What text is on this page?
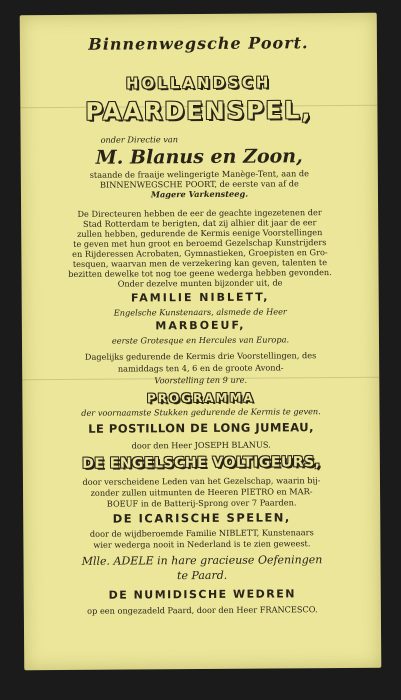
Binnenwegsche Poort.
HOLLANDSCH
PAARDENSPEL,
onder Directie van
M. Blanus en Zoon,
staande de fraaije welingerigte Manège-Tent, aan de
BINNENWEGSCHE POORT, de eerste van af de
Magere Varkensteeg.
De Directeuren hebben de eer de geachte ingezetenen der
Stad Rotterdam te berigten, dat zij alhier dit jaar de eer
zullen hebben, gedurende de Kermis eenige Voorstellingen
te geven met hun groot en beroemd Gezelschap Kunstrijders
en Rijderessen Acrobaten, Gymnastieken, Groepisten en Gro-
tesquen, waarvan men de verzekering kan geven, talenten te
bezitten dewelke tot nog toe geene wederga hebben gevonden.
Onder dezelve munten bijzonder uit, de
FAMILIE NIBLETT,
Engelsche Kunstenaars, alsmede de Heer
MARBOEUF,
eerste Grotesque en Hercules van Europa.
Dagelijks gedurende de Kermis drie Voorstellingen, des
namiddags ten 4, 6 en de groote Avond-
Voorstelling ten 9 ure.
PROGRAMMA
der voornaamste Stukken gedurende de Kermis te geven.
LE POSTILLON DE LONG JUMEAU,
door den Heer JOSEPH BLANUS.
DE ENGELSCHE VOLTIGEURS,
door verscheidene Leden van het Gezelschap, waarin bij-
zonder zullen uitmunten de Heeren PIETRO en MAR-
BOEUF in de Batterij-Sprong over 7 Paarden.
DE ICARISCHE SPELEN,
door de wijdberoemde Familie NIBLETT, Kunstenaars
wier wederga nooit in Nederland is te zien geweest.
Mlle. ADELE in hare gracieuse Oefeningen
te Paard.
DE NUMIDISCHE WEDREN
op een ongezadeld Paard, door den Heer FRANCESCO.
